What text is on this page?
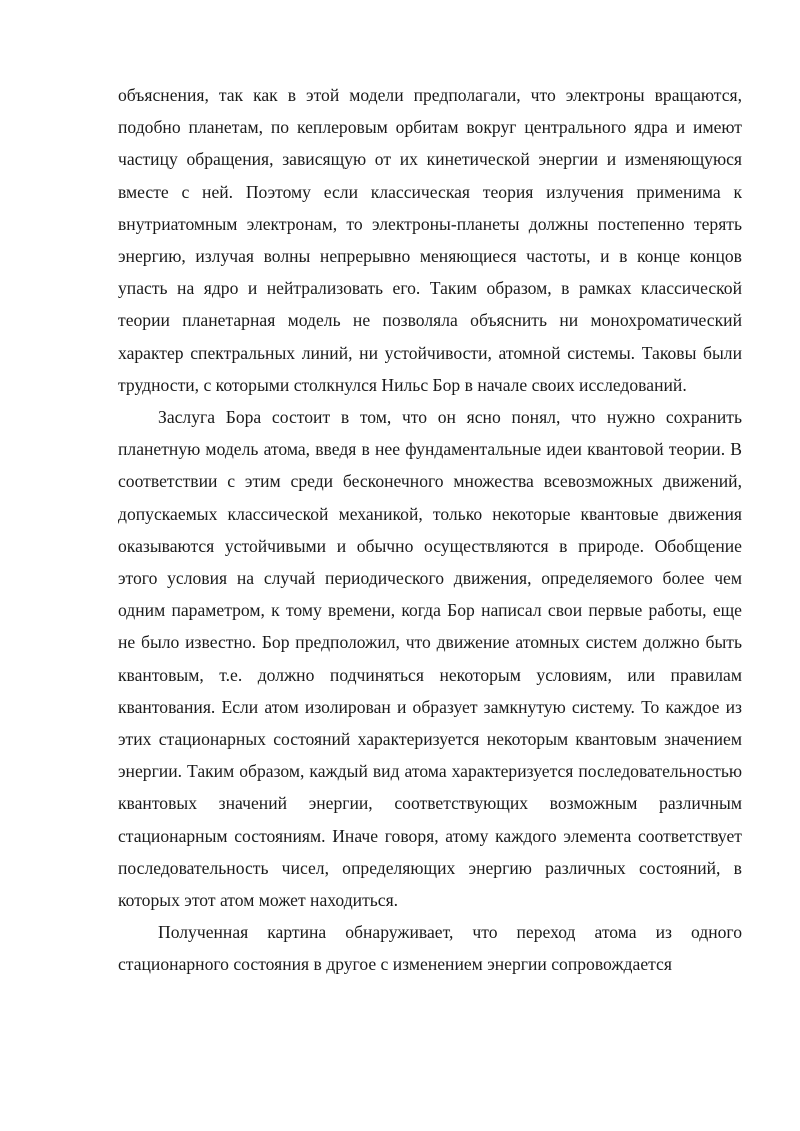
объяснения, так как в этой модели предполагали, что электроны вращаются, подобно планетам, по кеплеровым орбитам вокруг центрального ядра и имеют частицу обращения, зависящую от их кинетической энергии и изменяющуюся вместе с ней. Поэтому если классическая теория излучения применима к внутриатомным электронам, то электроны-планеты должны постепенно терять энергию, излучая волны непрерывно меняющиеся частоты, и в конце концов упасть на ядро и нейтрализовать его. Таким образом, в рамках классической теории планетарная модель не позволяла объяснить ни монохроматический характер спектральных линий, ни устойчивости, атомной системы. Таковы были трудности, с которыми столкнулся Нильс Бор в начале своих исследований.

Заслуга Бора состоит в том, что он ясно понял, что нужно сохранить планетную модель атома, введя в нее фундаментальные идеи квантовой теории. В соответствии с этим среди бесконечного множества всевозможных движений, допускаемых классической механикой, только некоторые квантовые движения оказываются устойчивыми и обычно осуществляются в природе. Обобщение этого условия на случай периодического движения, определяемого более чем одним параметром, к тому времени, когда Бор написал свои первые работы, еще не было известно. Бор предположил, что движение атомных систем должно быть квантовым, т.е. должно подчиняться некоторым условиям, или правилам квантования. Если атом изолирован и образует замкнутую систему. То каждое из этих стационарных состояний характеризуется некоторым квантовым значением энергии. Таким образом, каждый вид атома характеризуется последовательностью квантовых значений энергии, соответствующих возможным различным стационарным состояниям. Иначе говоря, атому каждого элемента соответствует последовательность чисел, определяющих энергию различных состояний, в которых этот атом может находиться.

Полученная картина обнаруживает, что переход атома из одного стационарного состояния в другое с изменением энергии сопровождается
